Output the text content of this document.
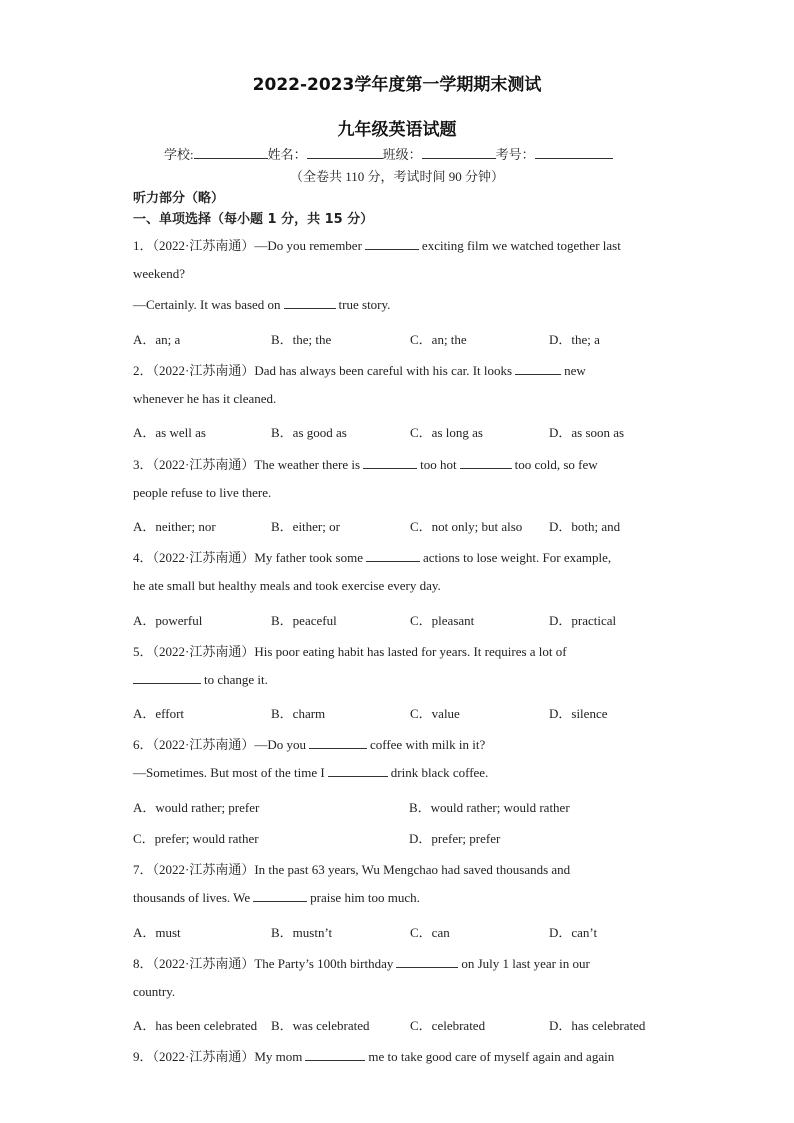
2022-2023学年度第一学期期末测试
九年级英语试题
学校:	姓名：	班级：	考号：
（全卷共 110 分，考试时间 90 分钟）
听力部分（略）
一、单项选择（每小题 1 分，共 15 分）
1．（2022·江苏南通）—Do you remember	exciting film we watched together last
weekend?
—Certainly. It was based on	true story.
A．an; a	B．the; the	C．an; the	D．the; a
2．（2022·江苏南通）Dad has always been careful with his car. It looks	new
whenever he has it cleaned.
A．as well as	B．as good as	C．as long as	D．as soon as
3．（2022·江苏南通）The weather there is	too hot	too cold, so few
people refuse to live there.
A．neither; nor	B．either; or	C．not only; but also D．both; and
4．（2022·江苏南通）My father took some	actions to lose weight. For example,
he ate small but healthy meals and took exercise every day.
A．powerful	B．peaceful	C．pleasant	D．practical
5．（2022·江苏南通）His poor eating habit has lasted for years. It requires a lot of
to change it.
A．effort	B．charm	C．value	D．silence
6．（2022·江苏南通）—Do you	coffee with milk in it?
—Sometimes. But most of the time I	drink black coffee.
A．would rather; prefer	B．would rather; would rather
C．prefer; would rather	D．prefer; prefer
7．（2022·江苏南通）In the past 63 years, Wu Mengchao had saved thousands and
thousands of lives. We	praise him too much.
A．must	B．mustn’t	C．can	D．can’t
8．（2022·江苏南通）The Party’s 100th birthday	on July 1 last year in our
country.
A．has been celebrated B．was celebrated	C．celebrated	D．has celebrated
9．（2022·江苏南通）My mom	me to take good care of myself again and again
